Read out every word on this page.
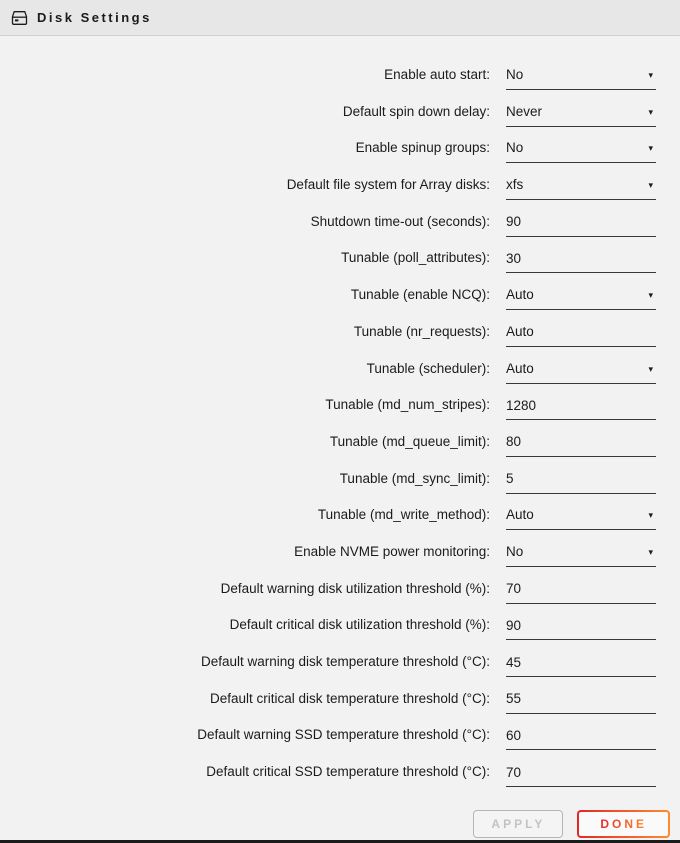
Disk Settings
Enable auto start: No	▾
Default spin down delay: Never	▾
Enable spinup groups: No	▾
Default file system for Array disks: xfs	▾
Shutdown time-out (seconds):
90
Tunable (poll_attributes):
30
Tunable (enable NCQ): Auto	▾
Tunable (nr_requests):
Auto
Tunable (scheduler): Auto	▾
Tunable (md_num_stripes):
1280
Tunable (md_queue_limit):
80
Tunable (md_sync_limit):
5
Tunable (md_write_method): Auto	▾
Enable NVME power monitoring: No	▾
Default warning disk utilization threshold (%):
70
Default critical disk utilization threshold (%):
90
Default warning disk temperature threshold (°C):
45
Default critical disk temperature threshold (°C):
55
Default warning SSD temperature threshold (°C):
60
Default critical SSD temperature threshold (°C):
70
APPLY	DONE
